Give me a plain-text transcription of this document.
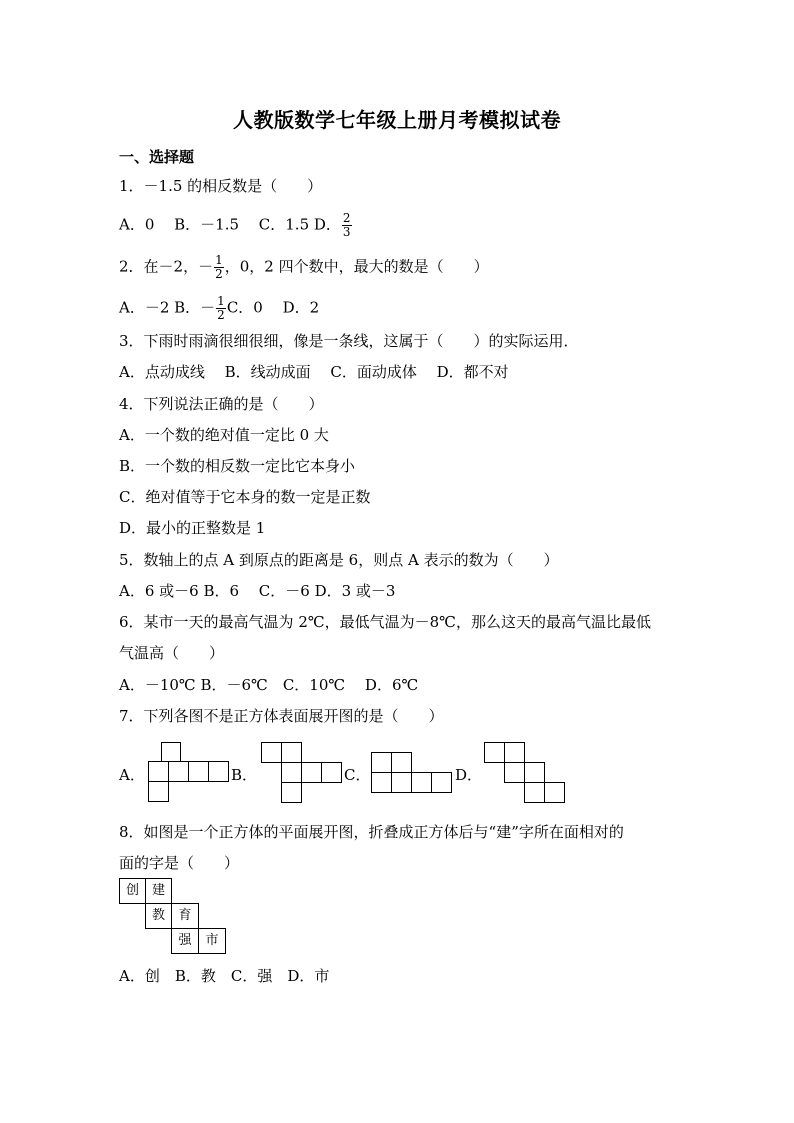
人教版数学七年级上册月考模拟试卷
一、选择题
1．－1.5 的相反数是（　　）
A．0　 B．－1.5　 C．1.5 D． $\frac{2}{3}$
2．在－2，－ $\frac{1}{2}$ ，0，2 四个数中，最大的数是（　　）
A．－2 B．－ $\frac{1}{2}$ C．0　 D．2
3．下雨时雨滴很细很细，像是一条线，这属于（　　）的实际运用．
A．点动成线　 B．线动成面　 C．面动成体　 D．都不对
4．下列说法正确的是（　　）
A．一个数的绝对值一定比 0 大
B．一个数的相反数一定比它本身小
C．绝对值等于它本身的数一定是正数
D．最小的正整数是 1
5．数轴上的点 A 到原点的距离是 6，则点 A 表示的数为（　　）
A．6 或－6 B．6　 C．－6 D．3 或－3
6．某市一天的最高气温为 2℃，最低气温为－8℃，那么这天的最高气温比最低
气温高（　　）
A．－10℃ B．－6℃　C．10℃　 D．6℃
7．下列各图不是正方体表面展开图的是（　　）
A．	B．	C．	D．
8．如图是一个正方体的平面展开图，折叠成正方体后与“建”字所在面相对的
面的字是（　　）
创 建
教	育
强	市
A．创　B．教　C．强　D．市
